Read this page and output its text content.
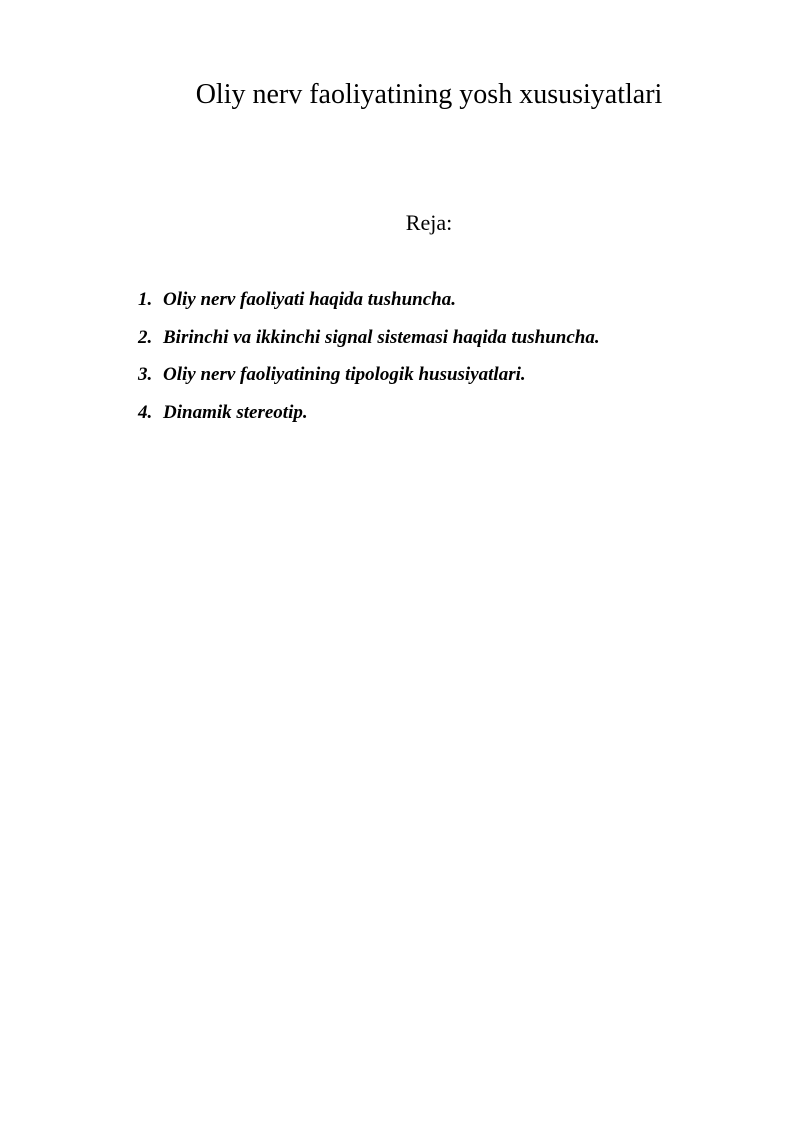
Oliy nerv faoliyatining yosh xususiyatlari
Reja:
1. Oliy nerv faoliyati haqida tushuncha.
2. Birinchi va ikkinchi signal sistemasi haqida tushuncha.
3. Oliy nerv faoliyatining tipologik hususiyatlari.
4. Dinamik stereotip.
